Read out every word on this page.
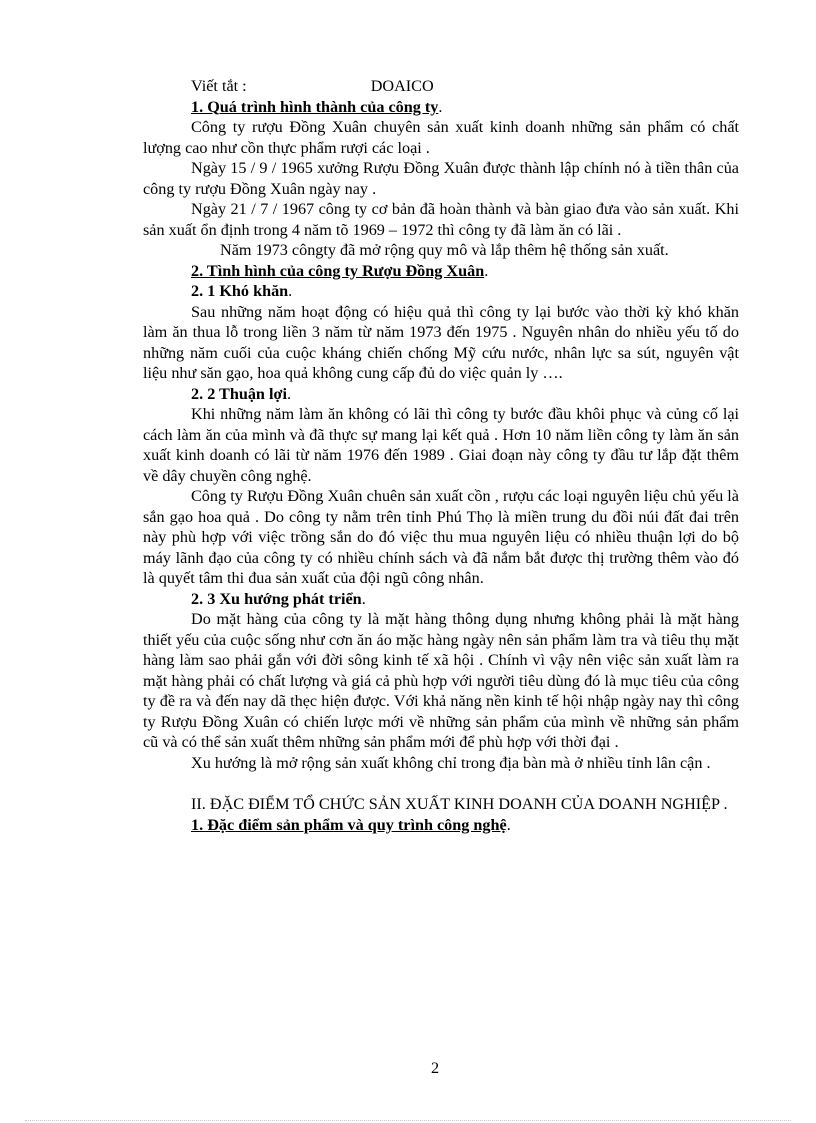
Viết tắt :	DOAICO

1. Quá trình hình thành của công ty.

Công ty rượu Đồng Xuân chuyên sản xuất kinh doanh những sản phẩm có chất lượng cao như cồn thực phẩm rượi các loại .

Ngày 15 / 9 / 1965 xưởng Rượu Đồng Xuân được thành lập chính nó à tiền thân của công ty rượu Đồng Xuân ngày nay .

Ngày 21 / 7 / 1967 công ty cơ bản đã hoàn thành và bàn giao đưa vào sản xuất. Khi sản xuất ổn định trong 4 năm tõ 1969 – 1972 thì công ty đã làm ăn có lãi .

Năm 1973 côngty đã mở rộng quy mô và lắp thêm hệ thống sản xuất.

2. Tình hình của công ty Rượu Đồng Xuân.

2. 1 Khó khăn.

Sau những năm hoạt động có hiệu quả thì công ty lại bước vào thời kỳ khó khăn làm ăn thua lỗ trong liền 3 năm từ năm 1973 đến 1975 . Nguyên nhân do nhiều yếu tố do những năm cuối của cuộc kháng chiến chống Mỹ cứu nước, nhân lực sa sút, nguyên vật liệu như săn gạo, hoa quả không cung cấp đủ do việc quản ly ….

2. 2 Thuận lợi.

Khi những năm làm ăn không có lãi thì công ty bước đầu khôi phục và củng cố lại cách làm ăn của mình và đã thực sự mang lại kết quả . Hơn 10 năm liền công ty làm ăn sản xuất kinh doanh có lãi từ năm 1976 đến 1989 . Giai đoạn này công ty đầu tư lắp đặt thêm về dây chuyền công nghệ.

Công ty Rượu Đồng Xuân chuên sản xuất cồn , rượu các loại nguyên liệu chủ yếu là sắn gạo hoa quả . Do công ty nằm trên tỉnh Phú Thọ là miền trung du đồi núi đất đai trên này phù hợp với việc trồng sắn do đó việc thu mua nguyên liệu có nhiều thuận lợi do bộ máy lãnh đạo của công ty có nhiều chính sách và đã nắm bắt được thị trường thêm vào đó là quyết tâm thi đua sản xuất của đội ngũ công nhân.

2. 3 Xu hướng phát triển.

Do mặt hàng của công ty là mặt hàng thông dụng nhưng không phải là mặt hàng thiết yếu của cuộc sống như cơn ăn áo mặc hàng ngày nên sản phẩm làm tra và tiêu thụ mặt hàng làm sao phải gắn với đời sông kinh tế xã hội . Chính vì vậy nên việc sản xuất làm ra mặt hàng phải có chất lượng và giá cả phù hợp với người tiêu dùng đó là mục tiêu của công ty đề ra và đến nay dã thẹc hiện được. Với khả năng nền kinh tế hội nhập ngày nay thì công ty Rượu Đồng Xuân có chiến lược mới về những sản phẩm của mình về những sản phẩm cũ và có thể sản xuất thêm những sản phẩm mới để phù hợp với thời đại .

Xu hướng là mở rộng sản xuất không chỉ trong địa bàn mà ở nhiều tỉnh lân cận .

II. ĐẶC ĐIỂM TỔ CHỨC SẢN XUẤT KINH DOANH CỦA DOANH NGHIỆP .

1. Đặc điểm sản phẩm và quy trình công nghệ.

2
